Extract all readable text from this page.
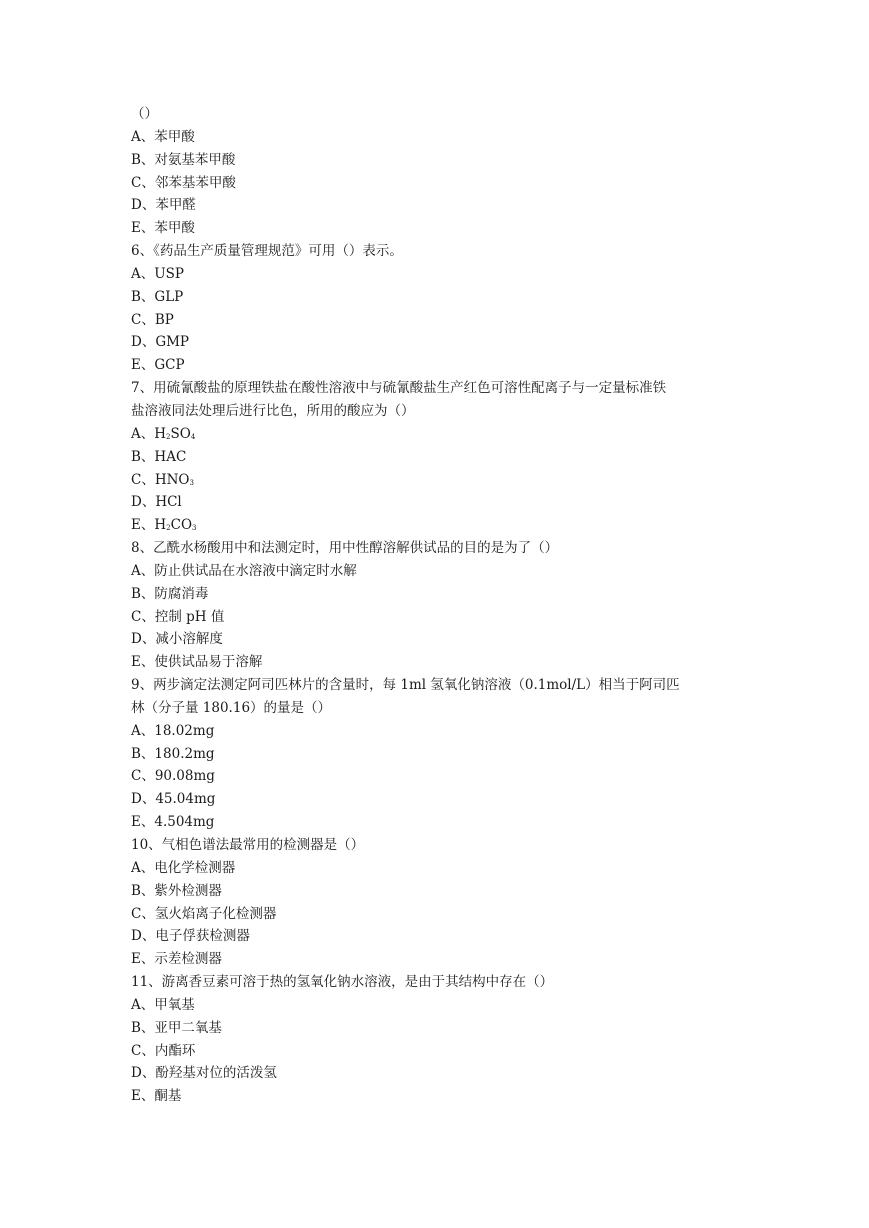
（）
A、苯甲酸
B、对氨基苯甲酸
C、邻苯基苯甲酸
D、苯甲醛
E、苯甲酸
6、《药品生产质量管理规范》可用（）表示。
A、USP
B、GLP
C、BP
D、GMP
E、GCP
7、用硫氰酸盐的原理铁盐在酸性溶液中与硫氰酸盐生产红色可溶性配离子与一定量标准铁
盐溶液同法处理后进行比色，所用的酸应为（）
A、$H_2SO_4$
B、HAC
C、$HNO_3$
D、HCl
E、$H_2CO_3$
8、乙酰水杨酸用中和法测定时，用中性醇溶解供试品的目的是为了（）
A、防止供试品在水溶液中滴定时水解
B、防腐消毒
C、控制 pH 值
D、减小溶解度
E、使供试品易于溶解
9、两步滴定法测定阿司匹林片的含量时，每 1ml 氢氧化钠溶液（0.1mol/L）相当于阿司匹
林（分子量 180.16）的量是（）
A、18.02mg
B、180.2mg
C、90.08mg
D、45.04mg
E、4.504mg
10、气相色谱法最常用的检测器是（）
A、电化学检测器
B、紫外检测器
C、氢火焰离子化检测器
D、电子俘获检测器
E、示差检测器
11、游离香豆素可溶于热的氢氧化钠水溶液，是由于其结构中存在（）
A、甲氧基
B、亚甲二氧基
C、内酯环
D、酚羟基对位的活泼氢
E、酮基
